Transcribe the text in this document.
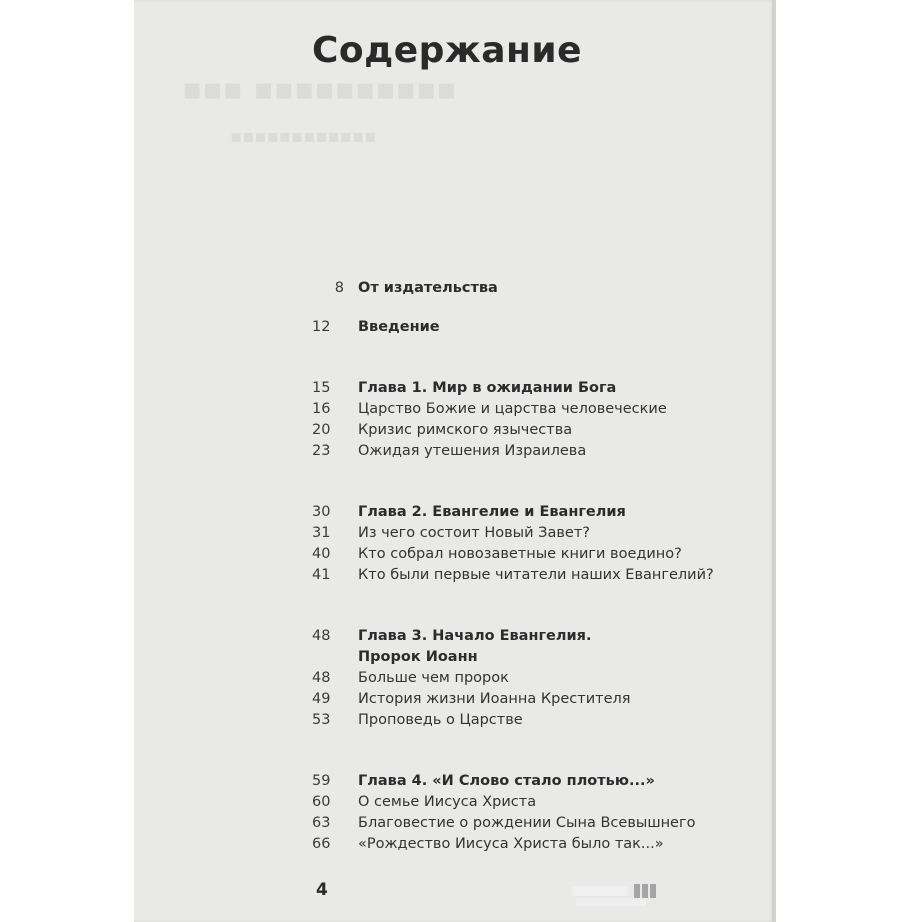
▪▪▪ ▪▪▪▪▪▪▪▪▪▪
▪▪▪▪▪▪▪▪▪▪▪▪
Содержание
8 От издательства
12	Введение
15	Глава 1. Мир в ожидании Бога
16	Царство Божие и царства человеческие
20	Кризис римского язычества
23	Ожидая утешения Израилева
30	Глава 2. Евангелие и Евангелия
31	Из чего состоит Новый Завет?
40	Кто собрал новозаветные книги воедино?
41	Кто были первые читатели наших Евангелий?
48	Глава 3. Начало Евангелия.
Пророк Иоанн
48	Больше чем пророк
49	История жизни Иоанна Крестителя
53	Проповедь о Царстве
59	Глава 4. «И Слово стало плотью...»
60	О семье Иисуса Христа
63	Благовестие о рождении Сына Всевышнего
66	«Рождество Иисуса Христа было так...»
4
